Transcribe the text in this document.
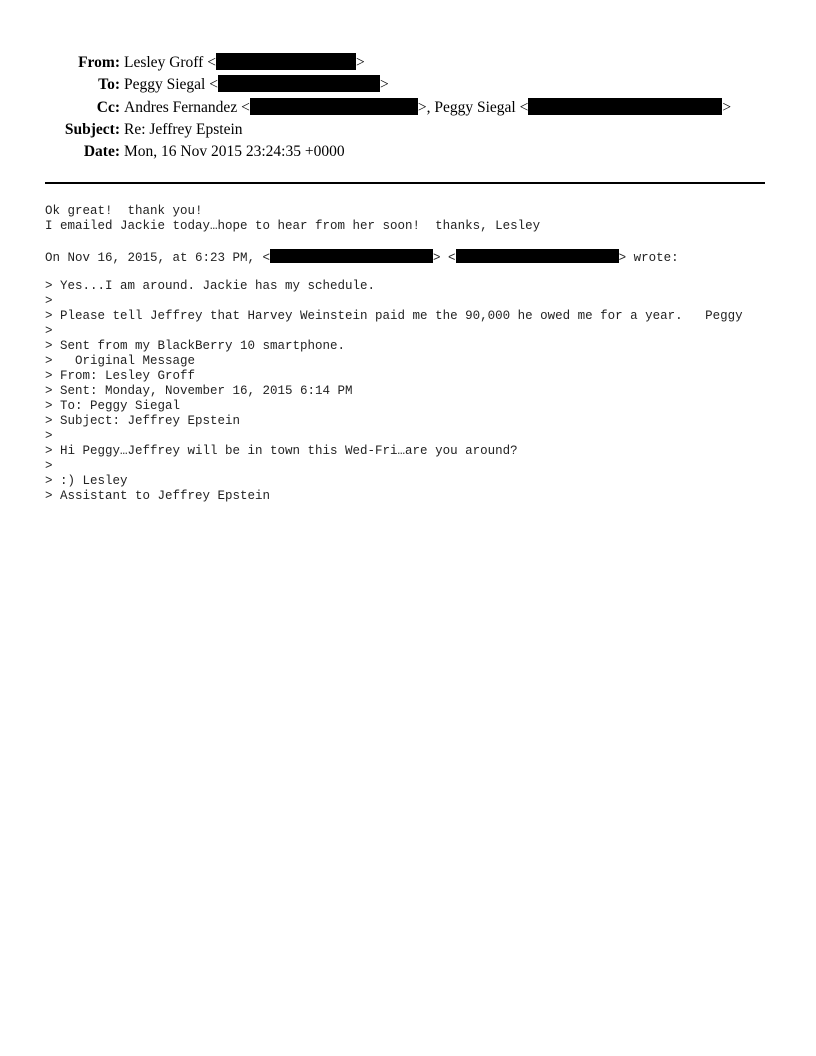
From: Lesley Groff <	>
To: Peggy Siegal <	>
Cc: Andres Fernandez <	>, Peggy Siegal <	>
Subject: Re: Jeffrey Epstein
Date: Mon, 16 Nov 2015 23:24:35 +0000
Ok great!  thank you!
I emailed Jackie today…hope to hear from her soon!  thanks, Lesley
On Nov 16, 2015, at 6:23 PM, <	> <	> wrote:
> Yes...I am around. Jackie has my schedule.
>
> Please tell Jeffrey that Harvey Weinstein paid me the 90,000 he owed me for a year.   Peggy
>
> Sent from my BlackBerry 10 smartphone.
>   Original Message
> From: Lesley Groff
> Sent: Monday, November 16, 2015 6:14 PM
> To: Peggy Siegal
> Subject: Jeffrey Epstein
>
> Hi Peggy…Jeffrey will be in town this Wed-Fri…are you around?
>
> :) Lesley
> Assistant to Jeffrey Epstein
